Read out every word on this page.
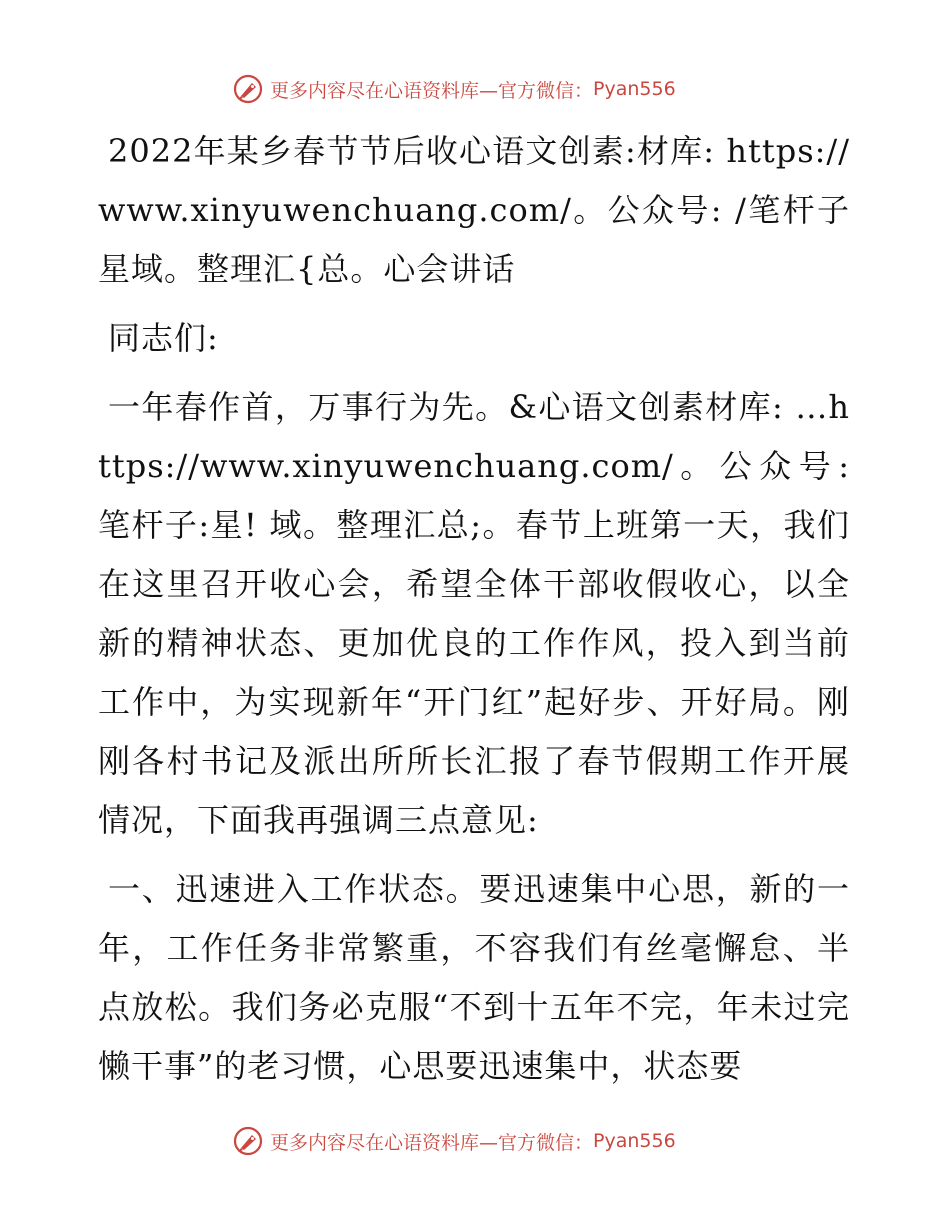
更多内容尽在心语资料库—官方微信： Pyan556

2022年某乡春节节后收心语文创素:材库: https://www.xinyuwenchuang.com/。公众号: /笔杆子星域。整理汇{总。心会讲话

同志们:

一年春作首，万事行为先。&心语文创素材库: …https://www.xinyuwenchuang.com/。公众号: 笔杆子:星! 域。整理汇总;。春节上班第一天，我们在这里召开收心会，希望全体干部收假收心，以全新的精神状态、更加优良的工作作风，投入到当前工作中，为实现新年“开门红”起好步、开好局。刚刚各村书记及派出所所长汇报了春节假期工作开展情况，下面我再强调三点意见:

一、迅速进入工作状态。要迅速集中心思，新的一年，工作任务非常繁重，不容我们有丝毫懈怠、半点放松。我们务必克服“不到十五年不完，年未过完懒干事”的老习惯，心思要迅速集中，状态要

更多内容尽在心语资料库—官方微信： Pyan556
